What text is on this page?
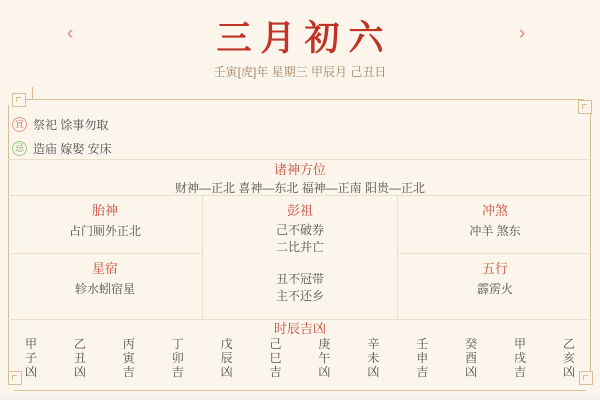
‹	三月初六	›
壬寅[虎]年 星期三 甲辰月 己丑日
宜 祭祀 馀事勿取
忌 造庙 嫁娶 安床
诸神方位
财神—正北 喜神—东北 福神—正南 阳贵—正北
胎神
占门厕外正北
彭祖
己不破券
二比并亡
丑不冠带
主不还乡
冲煞
冲羊 煞东
星宿
轸水蚓宿星
五行
霹雳火
时辰吉凶
甲子凶
乙丑凶
丙寅吉
丁卯吉
戊辰凶
己巳吉
庚午凶
辛未凶
壬申吉
癸酉凶
甲戌吉
乙亥凶
